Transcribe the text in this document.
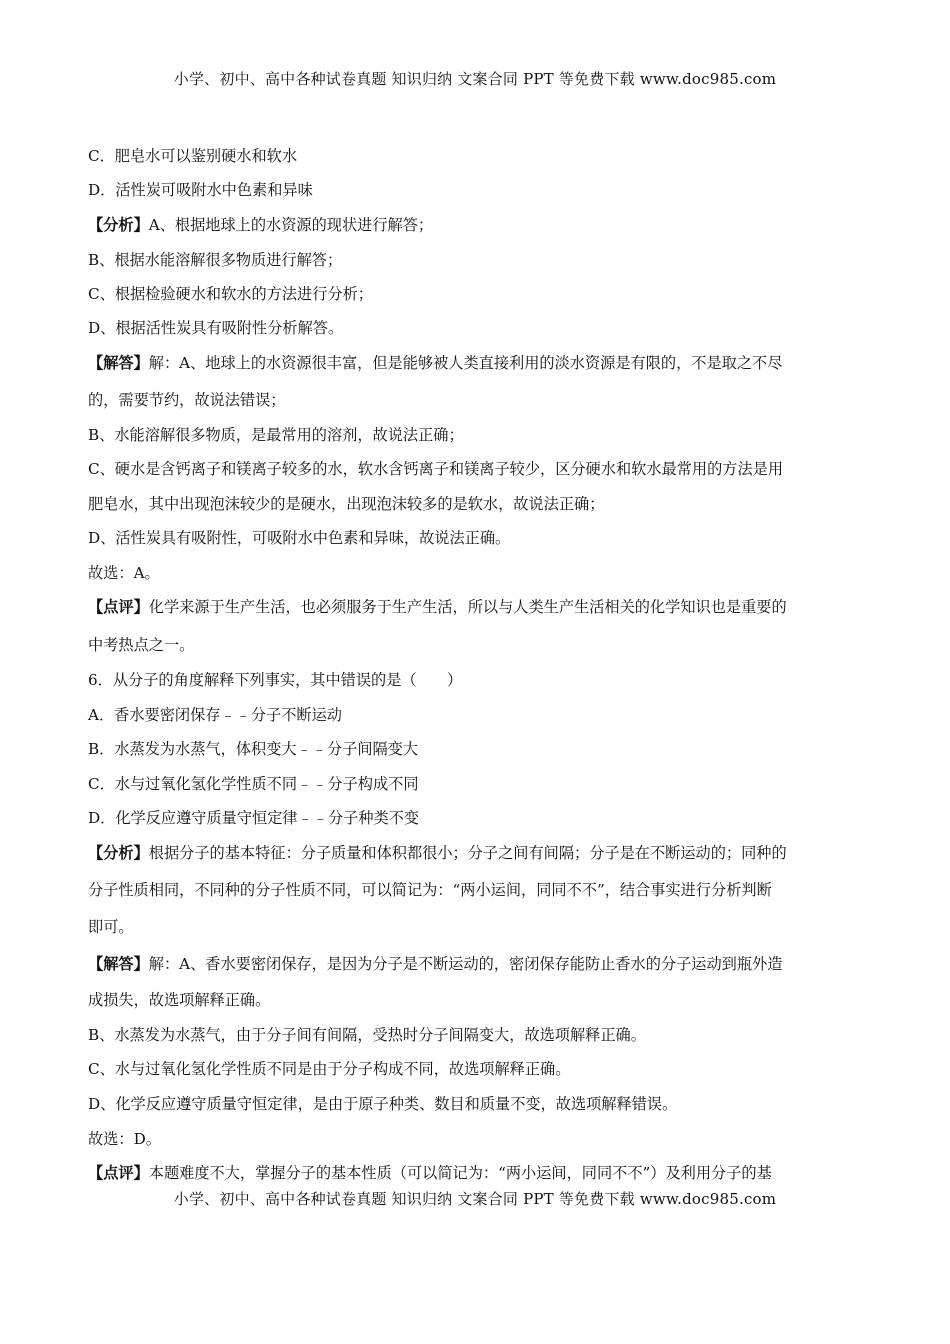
小学、初中、高中各种试卷真题 知识归纳 文案合同 PPT 等免费下载 www.doc985.com
C．肥皂水可以鉴别硬水和软水
D．活性炭可吸附水中色素和异味
【分析】A、根据地球上的水资源的现状进行解答；
B、根据水能溶解很多物质进行解答；
C、根据检验硬水和软水的方法进行分析；
D、根据活性炭具有吸附性分析解答。
【解答】解：A、地球上的水资源很丰富，但是能够被人类直接利用的淡水资源是有限的，不是取之不尽
的，需要节约，故说法错误；
B、水能溶解很多物质，是最常用的溶剂，故说法正确；
C、硬水是含钙离子和镁离子较多的水，软水含钙离子和镁离子较少，区分硬水和软水最常用的方法是用
肥皂水，其中出现泡沫较少的是硬水，出现泡沫较多的是软水，故说法正确；
D、活性炭具有吸附性，可吸附水中色素和异味，故说法正确。
故选：A。
【点评】化学来源于生产生活，也必须服务于生产生活，所以与人类生产生活相关的化学知识也是重要的
中考热点之一。
6．从分子的角度解释下列事实，其中错误的是（　　）
A．香水要密闭保存﹣﹣分子不断运动
B．水蒸发为水蒸气，体积变大﹣﹣分子间隔变大
C．水与过氧化氢化学性质不同﹣﹣分子构成不同
D．化学反应遵守质量守恒定律﹣﹣分子种类不变
【分析】根据分子的基本特征：分子质量和体积都很小；分子之间有间隔；分子是在不断运动的；同种的
分子性质相同，不同种的分子性质不同，可以简记为：“两小运间，同同不不”，结合事实进行分析判断
即可。
【解答】解：A、香水要密闭保存，是因为分子是不断运动的，密闭保存能防止香水的分子运动到瓶外造
成损失，故选项解释正确。
B、水蒸发为水蒸气，由于分子间有间隔，受热时分子间隔变大，故选项解释正确。
C、水与过氧化氢化学性质不同是由于分子构成不同，故选项解释正确。
D、化学反应遵守质量守恒定律，是由于原子种类、数目和质量不变，故选项解释错误。
故选：D。
【点评】本题难度不大，掌握分子的基本性质（可以简记为：“两小运间，同同不不”）及利用分子的基
小学、初中、高中各种试卷真题 知识归纳 文案合同 PPT 等免费下载 www.doc985.com
